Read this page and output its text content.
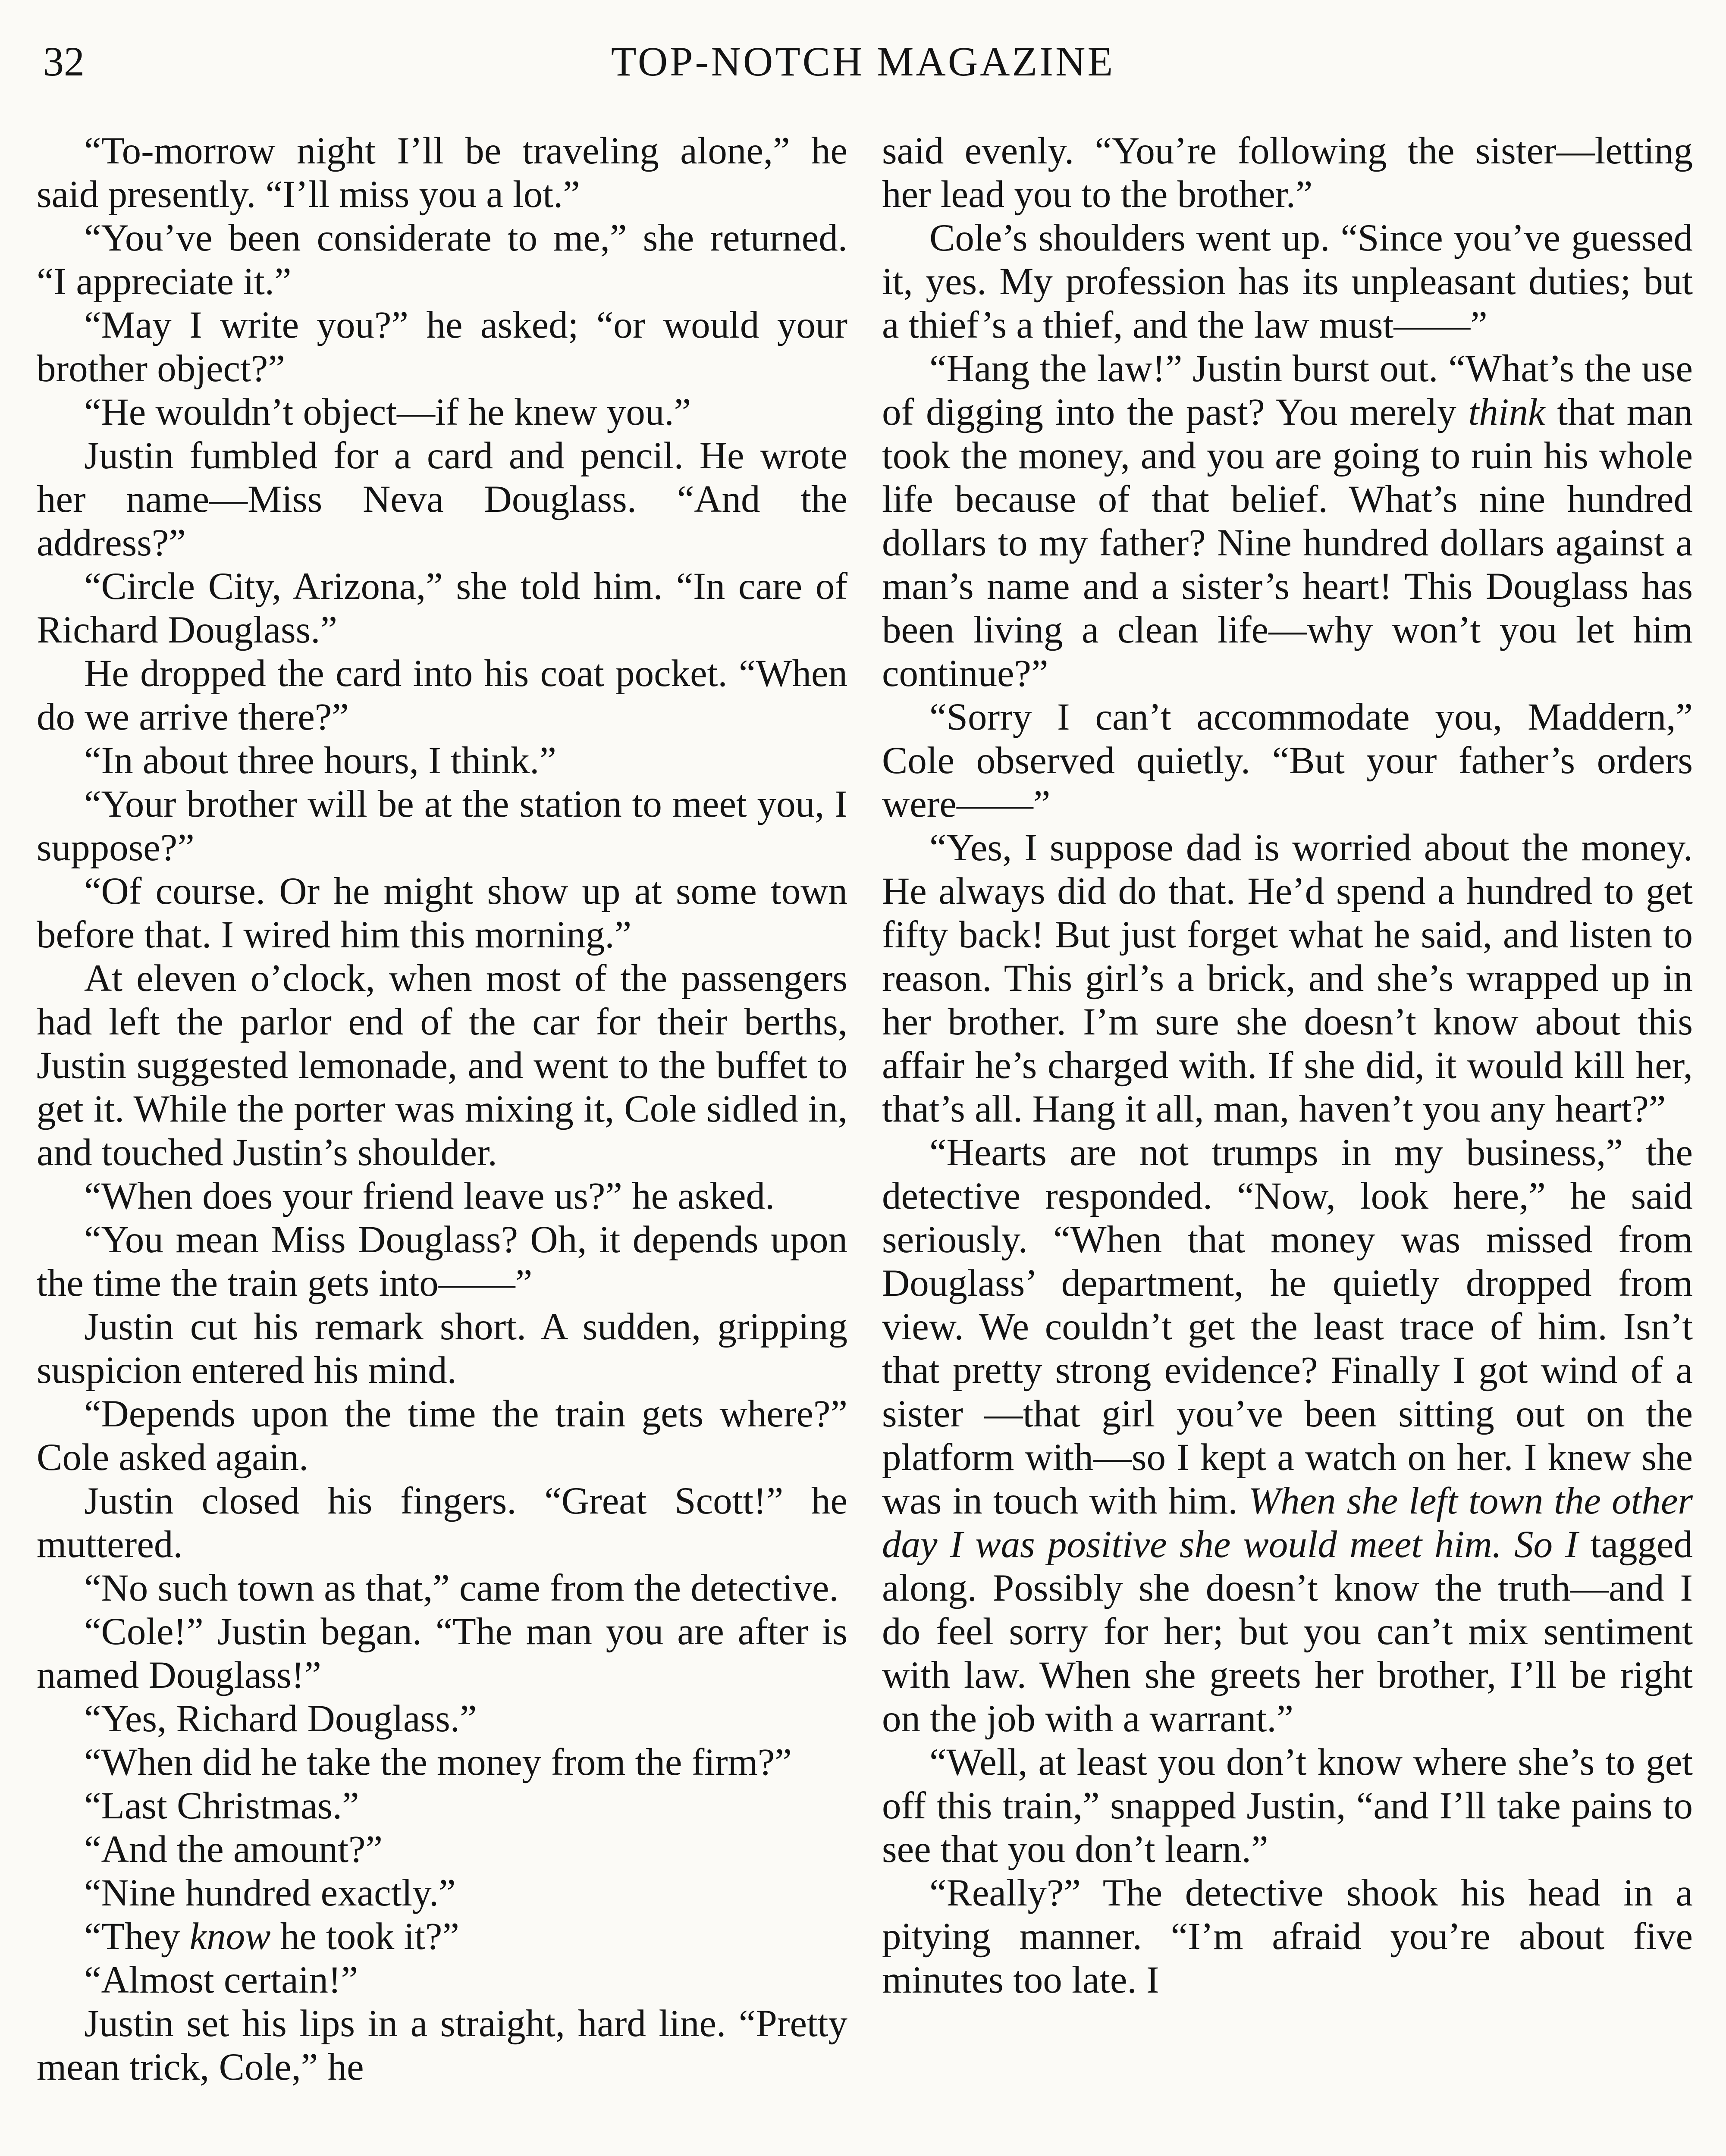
32	TOP-NOTCH MAGAZINE

“To-morrow night I’ll be traveling alone,” he said presently. “I’ll miss you a lot.”

“You’ve been considerate to me,” she returned. “I appreciate it.”

“May I write you?” he asked; “or would your brother object?”

“He wouldn’t object—if he knew you.”

Justin fumbled for a card and pencil. He wrote her name—Miss Neva Douglass. “And the address?”

“Circle City, Arizona,” she told him. “In care of Richard Douglass.”

He dropped the card into his coat pocket. “When do we arrive there?”

“In about three hours, I think.”

“Your brother will be at the station to meet you, I suppose?”

“Of course. Or he might show up at some town before that. I wired him this morning.”

At eleven o’clock, when most of the passengers had left the parlor end of the car for their berths, Justin suggested lemonade, and went to the buffet to get it. While the porter was mixing it, Cole sidled in, and touched Justin’s shoulder.

“When does your friend leave us?” he asked.

“You mean Miss Douglass? Oh, it depends upon the time the train gets into——”

Justin cut his remark short. A sudden, gripping suspicion entered his mind.

“Depends upon the time the train gets where?” Cole asked again.

Justin closed his fingers. “Great Scott!” he muttered.

“No such town as that,” came from the detective.

“Cole!” Justin began. “The man you are after is named Douglass!”

“Yes, Richard Douglass.”

“When did he take the money from the firm?”

“Last Christmas.”

“And the amount?”

“Nine hundred exactly.”

“They know he took it?”

“Almost certain!”

Justin set his lips in a straight, hard line. “Pretty mean trick, Cole,” he

said evenly. “You’re following the sister—letting her lead you to the brother.”

Cole’s shoulders went up. “Since you’ve guessed it, yes. My profession has its unpleasant duties; but a thief’s a thief, and the law must——”

“Hang the law!” Justin burst out. “What’s the use of digging into the past? You merely think that man took the money, and you are going to ruin his whole life because of that belief. What’s nine hundred dollars to my father? Nine hundred dollars against a man’s name and a sister’s heart! This Douglass has been living a clean life—why won’t you let him continue?”

“Sorry I can’t accommodate you, Maddern,” Cole observed quietly. “But your father’s orders were——”

“Yes, I suppose dad is worried about the money. He always did do that. He’d spend a hundred to get fifty back! But just forget what he said, and listen to reason. This girl’s a brick, and she’s wrapped up in her brother. I’m sure she doesn’t know about this affair he’s charged with. If she did, it would kill her, that’s all. Hang it all, man, haven’t you any heart?”

“Hearts are not trumps in my business,” the detective responded. “Now, look here,” he said seriously. “When that money was missed from Douglass’ department, he quietly dropped from view. We couldn’t get the least trace of him. Isn’t that pretty strong evidence? Finally I got wind of a sister —that girl you’ve been sitting out on the platform with—so I kept a watch on her. I knew she was in touch with him. When she left town the other day I was positive she would meet him. So I tagged along. Possibly she doesn’t know the truth—and I do feel sorry for her; but you can’t mix sentiment with law. When she greets her brother, I’ll be right on the job with a warrant.”

“Well, at least you don’t know where she’s to get off this train,” snapped Justin, “and I’ll take pains to see that you don’t learn.”

“Really?” The detective shook his head in a pitying manner. “I’m afraid you’re about five minutes too late. I
